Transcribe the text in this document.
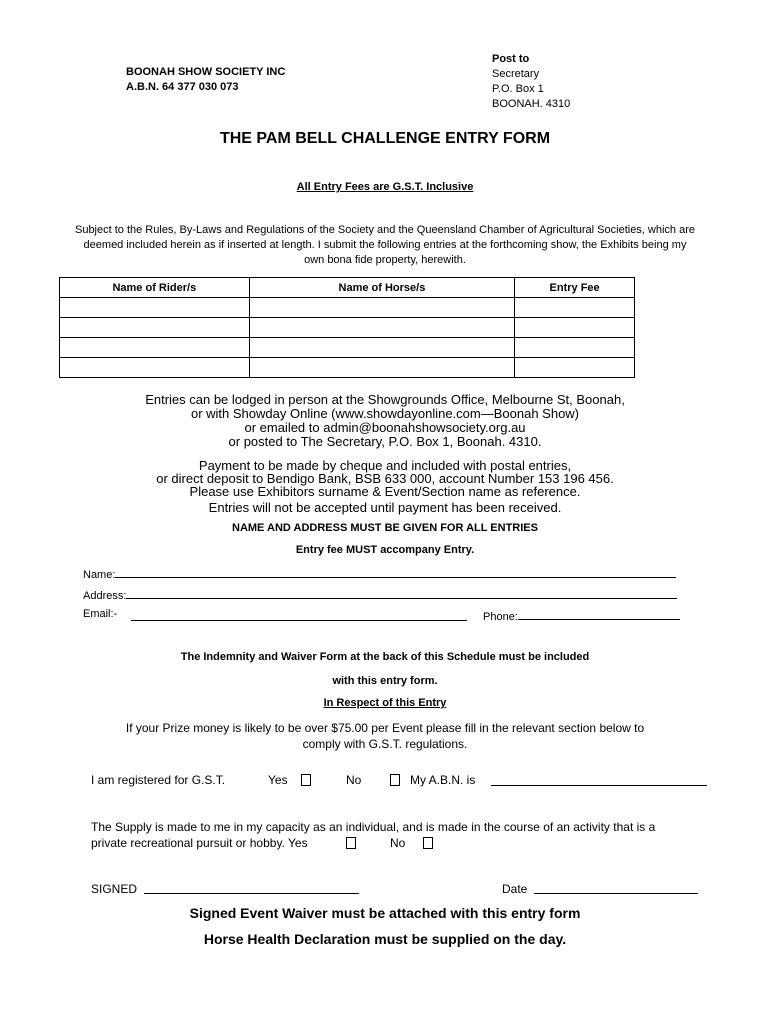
BOONAH SHOW SOCIETY INC
A.B.N. 64 377 030 073
Post to
Secretary
P.O. Box 1
BOONAH. 4310
THE PAM BELL CHALLENGE ENTRY FORM
All Entry Fees are G.S.T. Inclusive
Subject to the Rules, By-Laws and Regulations of the Society and the Queensland Chamber of Agricultural Societies, which are
deemed included herein as if inserted at length. I submit the following entries at the forthcoming show, the Exhibits being my
own bona fide property, herewith.
Name of Rider/s	Name of Horse/s	Entry Fee

Entries can be lodged in person at the Showgrounds Office, Melbourne St, Boonah,
or with Showday Online (www.showdayonline.com—Boonah Show)
or emailed to admin@boonahshowsociety.org.au
or posted to The Secretary, P.O. Box 1, Boonah. 4310.
Payment to be made by cheque and included with postal entries,
or direct deposit to Bendigo Bank, BSB 633 000, account Number 153 196 456.
Please use Exhibitors surname & Event/Section name as reference.
Entries will not be accepted until payment has been received.
NAME AND ADDRESS MUST BE GIVEN FOR ALL ENTRIES
Entry fee MUST accompany Entry.
Name:
Address:
Email:-	Phone:
The Indemnity and Waiver Form at the back of this Schedule must be included
with this entry form.
In Respect of this Entry
If your Prize money is likely to be over $75.00 per Event please fill in the relevant section below to
comply with G.S.T. regulations.
I am registered for G.S.T.	Yes	No	My A.B.N. is
The Supply is made to me in my capacity as an individual, and is made in the course of an activity that is a
private recreational pursuit or hobby. Yes	No
SIGNED	Date
Signed Event Waiver must be attached with this entry form
Horse Health Declaration must be supplied on the day.
